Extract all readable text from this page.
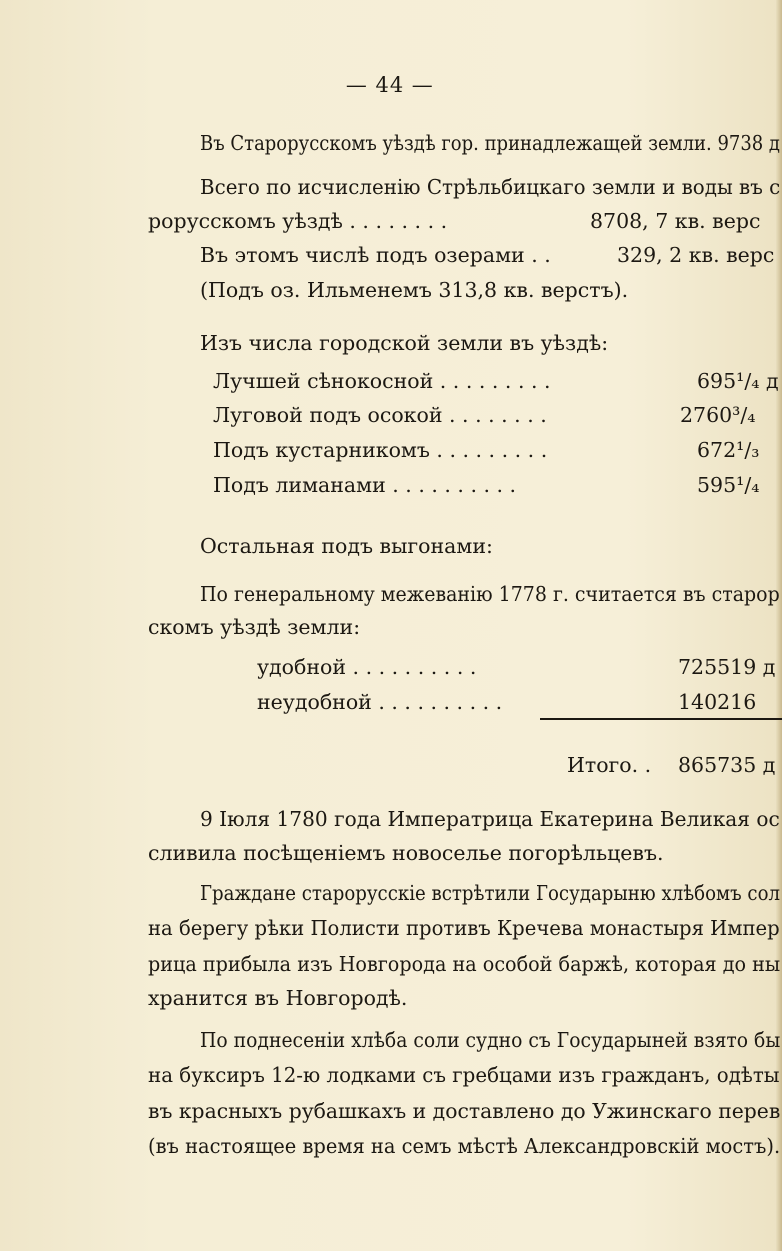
— 44 —
Въ Старорусскомъ уѣздѣ гор. принадлежащей земли. 9738 д
Всего по исчисленію Стрѣльбицкаго земли и воды въ с
рорусскомъ уѣздѣ . . . . . . . .	8708, 7 кв. верс
Въ этомъ числѣ подъ озерами . .	329, 2 кв. верс
(Подъ оз. Ильменемъ 313,8 кв. верстъ).
Изъ числа городской земли въ уѣздѣ:
Лучшей сѣнокосной . . . . . . . . .	695¹/₄ д
Луговой подъ осокой . . . . . . . .	2760³/₄
Подъ кустарникомъ . . . . . . . . .	672¹/₃
Подъ лиманами . . . . . . . . . .	595¹/₄
Остальная подъ выгонами:
По генеральному межеванію 1778 г. считается въ старор
скомъ уѣздѣ земли:
удобной . . . . . . . . . .	725519 д
неудобной . . . . . . . . . .	140216
Итого. . 865735 д
9 Іюля 1780 года Императрица Екатерина Великая ос
сливила посѣщеніемъ новоселье погорѣльцевъ.
Граждане старорусскіе встрѣтили Государыню хлѣбомъ сол
на берегу рѣки Полисти противъ Кречева монастыря Импер
рица прибыла изъ Новгорода на особой баржѣ, которая до ны
хранится въ Новгородѣ.
По поднесеніи хлѣба соли судно съ Государыней взято бы
на буксиръ 12-ю лодками съ гребцами изъ гражданъ, одѣты
въ красныхъ рубашкахъ и доставлено до Ужинскаго перев
(въ настоящее время на семъ мѣстѣ Александровскій мостъ).
